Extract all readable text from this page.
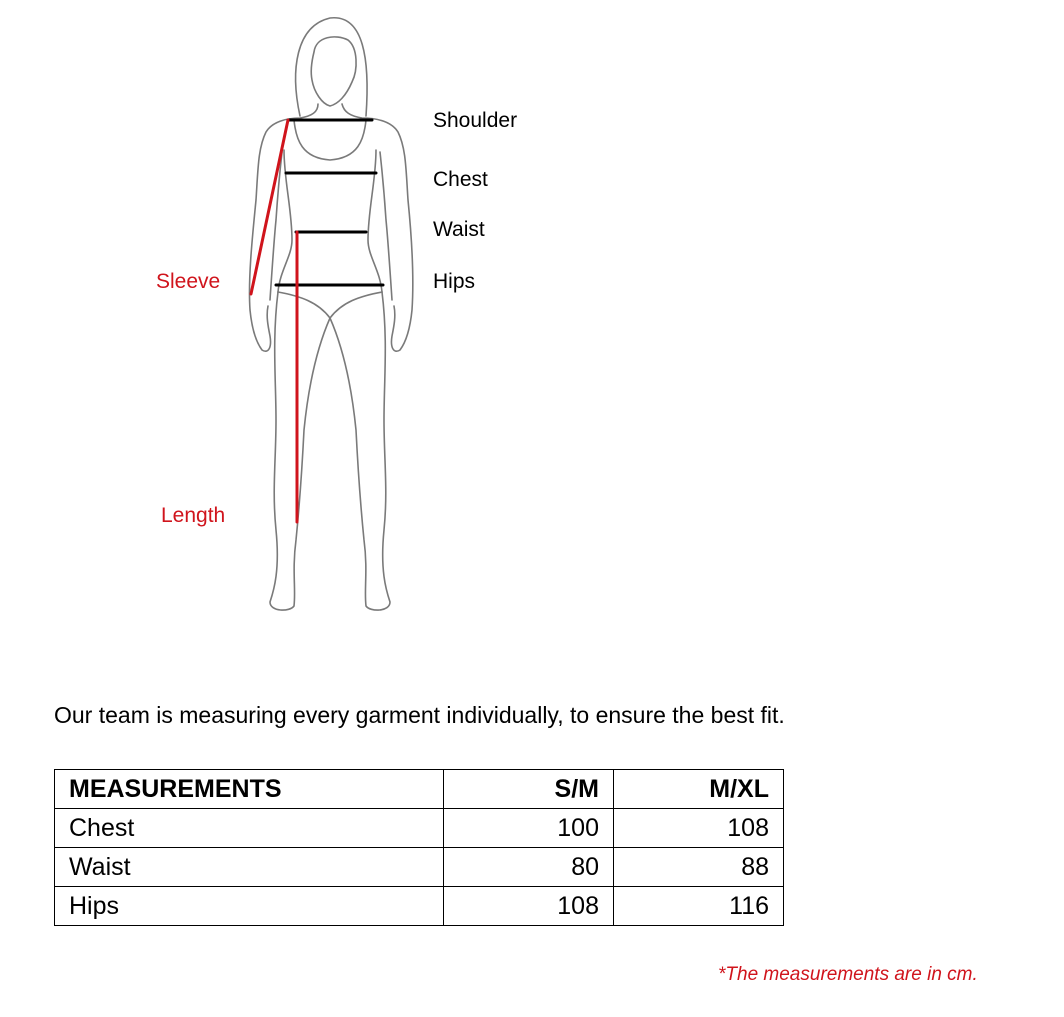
Shoulder
Chest
Waist
Hips
Sleeve
Length
Our team is measuring every garment individually, to ensure the best fit.
MEASUREMENTS	S/M	M/XL
Chest	100	108
Waist	80	88
Hips	108	116
*The measurements are in cm.
